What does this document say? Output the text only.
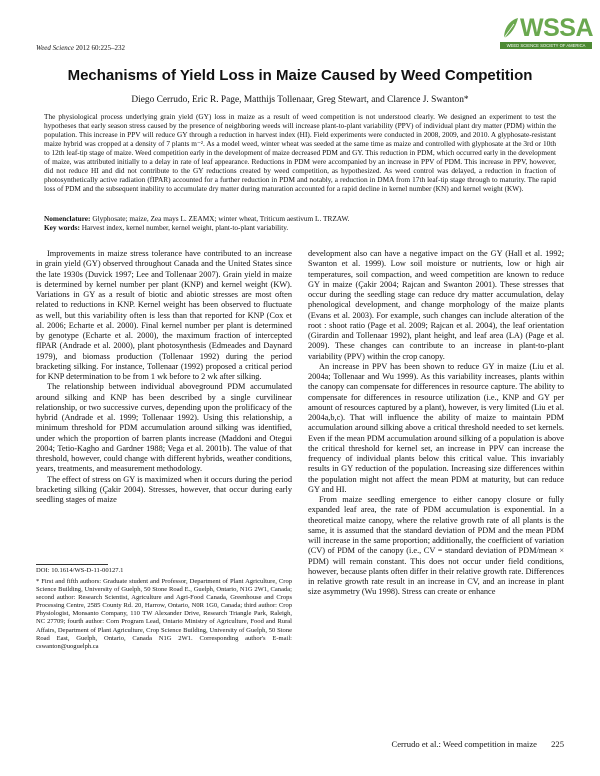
WSSA
WEED SCIENCE SOCIETY OF AMERICA
Weed Science 2012 60:225–232
Mechanisms of Yield Loss in Maize Caused by Weed Competition
Diego Cerrudo, Eric R. Page, Matthijs Tollenaar, Greg Stewart, and Clarence J. Swanton*

The physiological process underlying grain yield (GY) loss in maize as a result of weed competition is not understood clearly. We designed an experiment to test the hypotheses that early season stress caused by the presence of neighboring weeds will increase plant-to-plant variability (PPV) of individual plant dry matter (PDM) within the population. This increase in PPV will reduce GY through a reduction in harvest index (HI). Field experiments were conducted in 2008, 2009, and 2010. A glyphosate-resistant maize hybrid was cropped at a density of 7 plants m⁻². As a model weed, winter wheat was seeded at the same time as maize and controlled with glyphosate at the 3rd or 10th to 12th leaf-tip stage of maize. Weed competition early in the development of maize decreased PDM and GY. This reduction in PDM, which occurred early in the development of maize, was attributed initially to a delay in rate of leaf appearance. Reductions in PDM were accompanied by an increase in PPV of PDM. This increase in PPV, however, did not reduce HI and did not contribute to the GY reductions created by weed competition, as hypothesized. As weed control was delayed, a reduction in fraction of photosynthetically active radiation (fIPAR) accounted for a further reduction in PDM and notably, a reduction in DMA from 17th leaf-tip stage through to maturity. The rapid loss of PDM and the subsequent inability to accumulate dry matter during maturation accounted for a rapid decline in kernel number (KN) and kernel weight (KW).

Nomenclature: Glyphosate; maize, Zea mays L. ZEAMX; winter wheat, Triticum aestivum L. TRZAW.

Key words: Harvest index, kernel number, kernel weight, plant-to-plant variability.

Improvements in maize stress tolerance have contributed to an increase in grain yield (GY) observed throughout Canada and the United States since the late 1930s (Duvick 1997; Lee and Tollenaar 2007). Grain yield in maize is determined by kernel number per plant (KNP) and kernel weight (KW). Variations in GY as a result of biotic and abiotic stresses are most often related to reductions in KNP. Kernel weight has been observed to fluctuate as well, but this variability often is less than that reported for KNP (Cox et al. 2006; Echarte et al. 2000). Final kernel number per plant is determined by genotype (Echarte et al. 2000), the maximum fraction of intercepted fIPAR (Andrade et al. 2000), plant photosynthesis (Edmeades and Daynard 1979), and biomass production (Tollenaar 1992) during the period bracketing silking. For instance, Tollenaar (1992) proposed a critical period for KNP determination to be from 1 wk before to 2 wk after silking.

The relationship between individual aboveground PDM accumulated around silking and KNP has been described by a single curvilinear relationship, or two successive curves, depending upon the prolificacy of the hybrid (Andrade et al. 1999; Tollenaar 1992). Using this relationship, a minimum threshold for PDM accumulation around silking was identified, under which the proportion of barren plants increase (Maddoni and Otegui 2004; Tetio-Kagho and Gardner 1988; Vega et al. 2001b). The value of that threshold, however, could change with different hybrids, weather conditions, years, treatments, and measurement methodology.

The effect of stress on GY is maximized when it occurs during the period bracketing silking (Çakir 2004). Stresses, however, that occur during early seedling stages of maize

development also can have a negative impact on the GY (Hall et al. 1992; Swanton et al. 1999). Low soil moisture or nutrients, low or high air temperatures, soil compaction, and weed competition are known to reduce GY in maize (Çakir 2004; Rajcan and Swanton 2001). These stresses that occur during the seedling stage can reduce dry matter accumulation, delay phenological development, and change morphology of the maize plants (Evans et al. 2003). For example, such changes can include alteration of the root : shoot ratio (Page et al. 2009; Rajcan et al. 2004), the leaf orientation (Girardin and Tollenaar 1992), plant height, and leaf area (LA) (Page et al. 2009). These changes can contribute to an increase in plant-to-plant variability (PPV) within the crop canopy.

An increase in PPV has been shown to reduce GY in maize (Liu et al. 2004a; Tollenaar and Wu 1999). As this variability increases, plants within the canopy can compensate for differences in resource capture. The ability to compensate for differences in resource utilization (i.e., KNP and GY per amount of resources captured by a plant), however, is very limited (Liu et al. 2004a,b,c). That will influence the ability of maize to maintain PDM accumulation around silking above a critical threshold needed to set kernels. Even if the mean PDM accumulation around silking of a population is above the critical threshold for kernel set, an increase in PPV can increase the frequency of individual plants below this critical value. This invariably results in GY reduction of the population. Increasing size differences within the population might not affect the mean PDM at maturity, but can reduce GY and HI.

From maize seedling emergence to either canopy closure or fully expanded leaf area, the rate of PDM accumulation is exponential. In a theoretical maize canopy, where the relative growth rate of all plants is the same, it is assumed that the standard deviation of PDM and the mean PDM will increase in the same proportion; additionally, the coefficient of variation (CV) of PDM of the canopy (i.e., CV = standard deviation of PDM/mean × PDM) will remain constant. This does not occur under field conditions, however, because plants often differ in their relative growth rate. Differences in relative growth rate result in an increase in CV, and an increase in plant size asymmetry (Wu 1998). Stress can create or enhance

DOI: 10.1614/WS-D-11-00127.1

* First and fifth authors: Graduate student and Professor, Department of Plant Agriculture, Crop Science Building, University of Guelph, 50 Stone Road E., Guelph, Ontario, N1G 2W1, Canada; second author: Research Scientist, Agriculture and Agri-Food Canada, Greenhouse and Crops Processing Centre, 2585 County Rd. 20, Harrow, Ontario, N0R 1G0, Canada; third author: Crop Physiologist, Monsanto Company, 110 TW Alexander Drive, Research Triangle Park, Raleigh, NC 27709; fourth author: Corn Program Lead, Ontario Ministry of Agriculture, Food and Rural Affairs, Department of Plant Agriculture, Crop Science Building, University of Guelph, 50 Stone Road East, Guelph, Ontario, Canada N1G 2W1. Corresponding author's E-mail: cswanton@uoguelph.ca

Cerrudo et al.: Weed competition in maize 225
